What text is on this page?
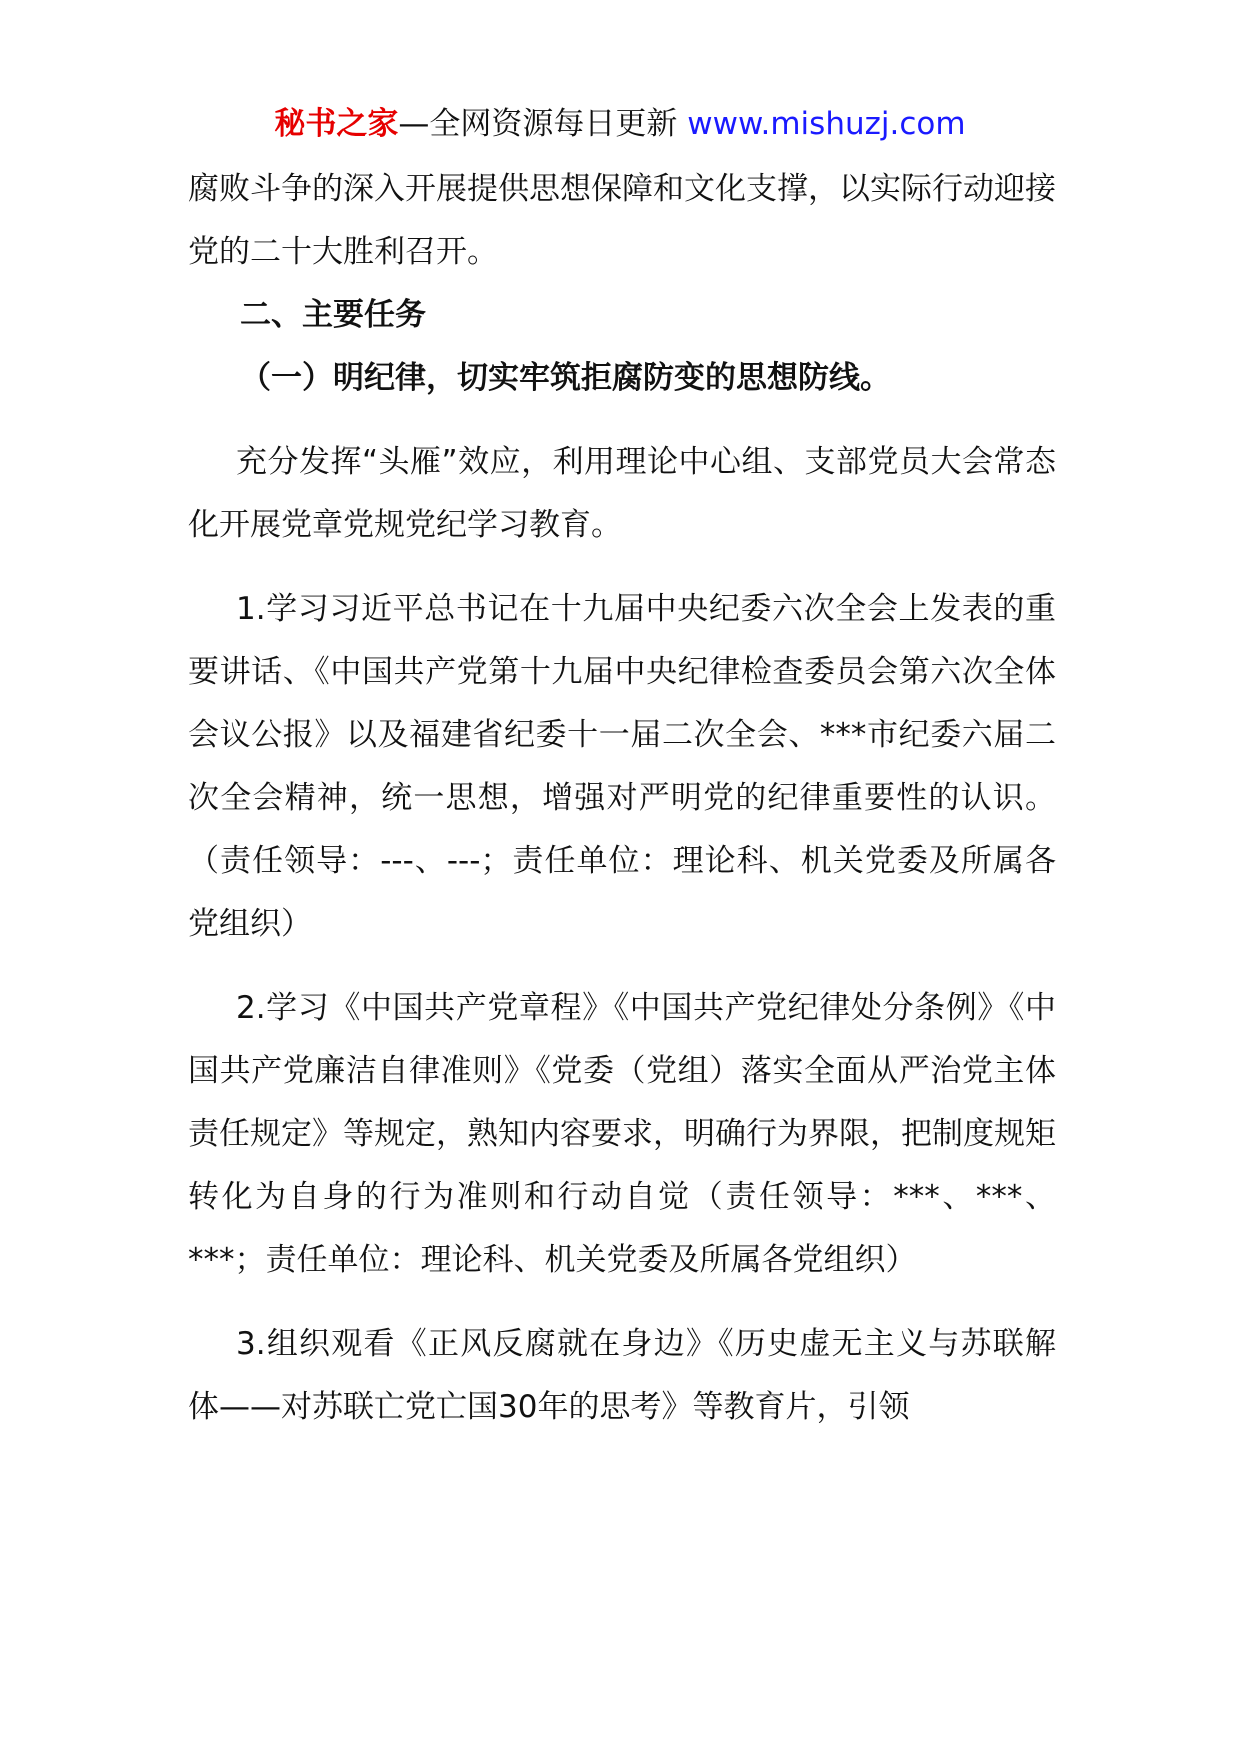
秘书之家—全网资源每日更新 www.mishuzj.com

腐败斗争的深入开展提供思想保障和文化支撑，以实际行动迎接党的二十大胜利召开。

二、主要任务

（一）明纪律，切实牢筑拒腐防变的思想防线。

充分发挥“头雁”效应，利用理论中心组、支部党员大会常态化开展党章党规党纪学习教育。

1.学习习近平总书记在十九届中央纪委六次全会上发表的重要讲话、《中国共产党第十九届中央纪律检查委员会第六次全体会议公报》以及福建省纪委十一届二次全会、***市纪委六届二次全会精神，统一思想，增强对严明党的纪律重要性的认识。（责任领导：---、---；责任单位：理论科、机关党委及所属各党组织）

2.学习《中国共产党章程》《中国共产党纪律处分条例》《中国共产党廉洁自律准则》《党委（党组）落实全面从严治党主体责任规定》等规定，熟知内容要求，明确行为界限，把制度规矩转化为自身的行为准则和行动自觉（责任领导：***、***、***；责任单位：理论科、机关党委及所属各党组织）

3.组织观看《正风反腐就在身边》《历史虚无主义与苏联解体——对苏联亡党亡国30年的思考》等教育片，引领
